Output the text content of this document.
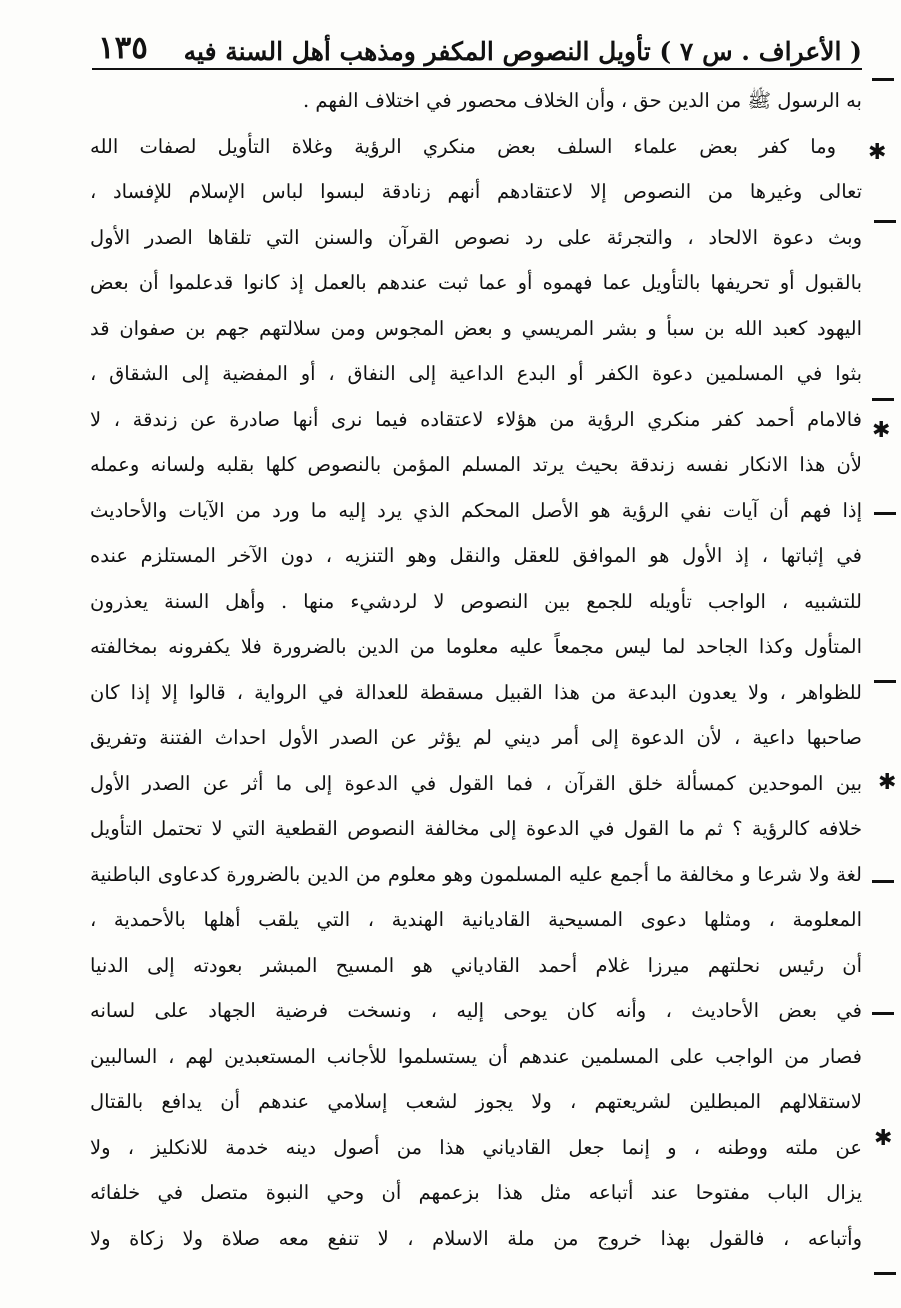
( الأعراف . س ٧ ) تأويل النصوص المكفر ومذهب أهل السنة فيه
١٣٥
به الرسول ﷺ من الدين حق ، وأن الخلاف محصور في اختلاف الفهم .
وما كفر بعض علماء السلف بعض منكري الرؤية وغلاة التأويل لصفات الله
تعالى وغيرها من النصوص إلا لاعتقادهم أنهم زنادقة لبسوا لباس الإسلام للإفساد ،
وبث دعوة الالحاد ، والتجرئة على رد نصوص القرآن والسنن التي تلقاها الصدر الأول
بالقبول أو تحريفها بالتأويل عما فهموه أو عما ثبت عندهم بالعمل إذ كانوا قدعلموا أن بعض
اليهود كعبد الله بن سبأ و بشر المريسي و بعض المجوس ومن سلالتهم جهم بن صفوان قد
بثوا في المسلمين دعوة الكفر أو البدع الداعية إلى النفاق ، أو المفضية إلى الشقاق ،
فالامام أحمد كفر منكري الرؤية من هؤلاء لاعتقاده فيما نرى أنها صادرة عن زندقة ، لا
لأن هذا الانكار نفسه زندقة بحيث يرتد المسلم المؤمن بالنصوص كلها بقلبه ولسانه وعمله
إذا فهم أن آيات نفي الرؤية هو الأصل المحكم الذي يرد إليه ما ورد من الآيات والأحاديث
في إثباتها ، إذ الأول هو الموافق للعقل والنقل وهو التنزيه ، دون الآخر المستلزم عنده
للتشبيه ، الواجب تأويله للجمع بين النصوص لا لردشيء منها . وأهل السنة يعذرون
المتأول وكذا الجاحد لما ليس مجمعاً عليه معلوما من الدين بالضرورة فلا يكفرونه بمخالفته
للظواهر ، ولا يعدون البدعة من هذا القبيل مسقطة للعدالة في الرواية ، قالوا إلا إذا كان
صاحبها داعية ، لأن الدعوة إلى أمر ديني لم يؤثر عن الصدر الأول احداث الفتنة وتفريق
بين الموحدين كمسألة خلق القرآن ، فما القول في الدعوة إلى ما أثر عن الصدر الأول
خلافه كالرؤية ؟ ثم ما القول في الدعوة إلى مخالفة النصوص القطعية التي لا تحتمل التأويل
لغة ولا شرعا و مخالفة ما أجمع عليه المسلمون وهو معلوم من الدين بالضرورة كدعاوى الباطنية
المعلومة ، ومثلها دعوى المسيحية القاديانية الهندية ، التي يلقب أهلها بالأحمدية ،
أن رئيس نحلتهم ميرزا غلام أحمد القادياني هو المسيح المبشر بعودته إلى الدنيا
في بعض الأحاديث ، وأنه كان يوحى إليه ، ونسخت فرضية الجهاد على لسانه
فصار من الواجب على المسلمين عندهم أن يستسلموا للأجانب المستعبدين لهم ، السالبين
لاستقلالهم المبطلين لشريعتهم ، ولا يجوز لشعب إسلامي عندهم أن يدافع بالقتال
عن ملته ووطنه ، و إنما جعل القادياني هذا من أصول دينه خدمة للانكليز ، ولا
يزال الباب مفتوحا عند أتباعه مثل هذا بزعمهم أن وحي النبوة متصل في خلفائه
وأتباعه ، فالقول بهذا خروج من ملة الاسلام ، لا تنفع معه صلاة ولا زكاة ولا
✱
✱
✱
✱
